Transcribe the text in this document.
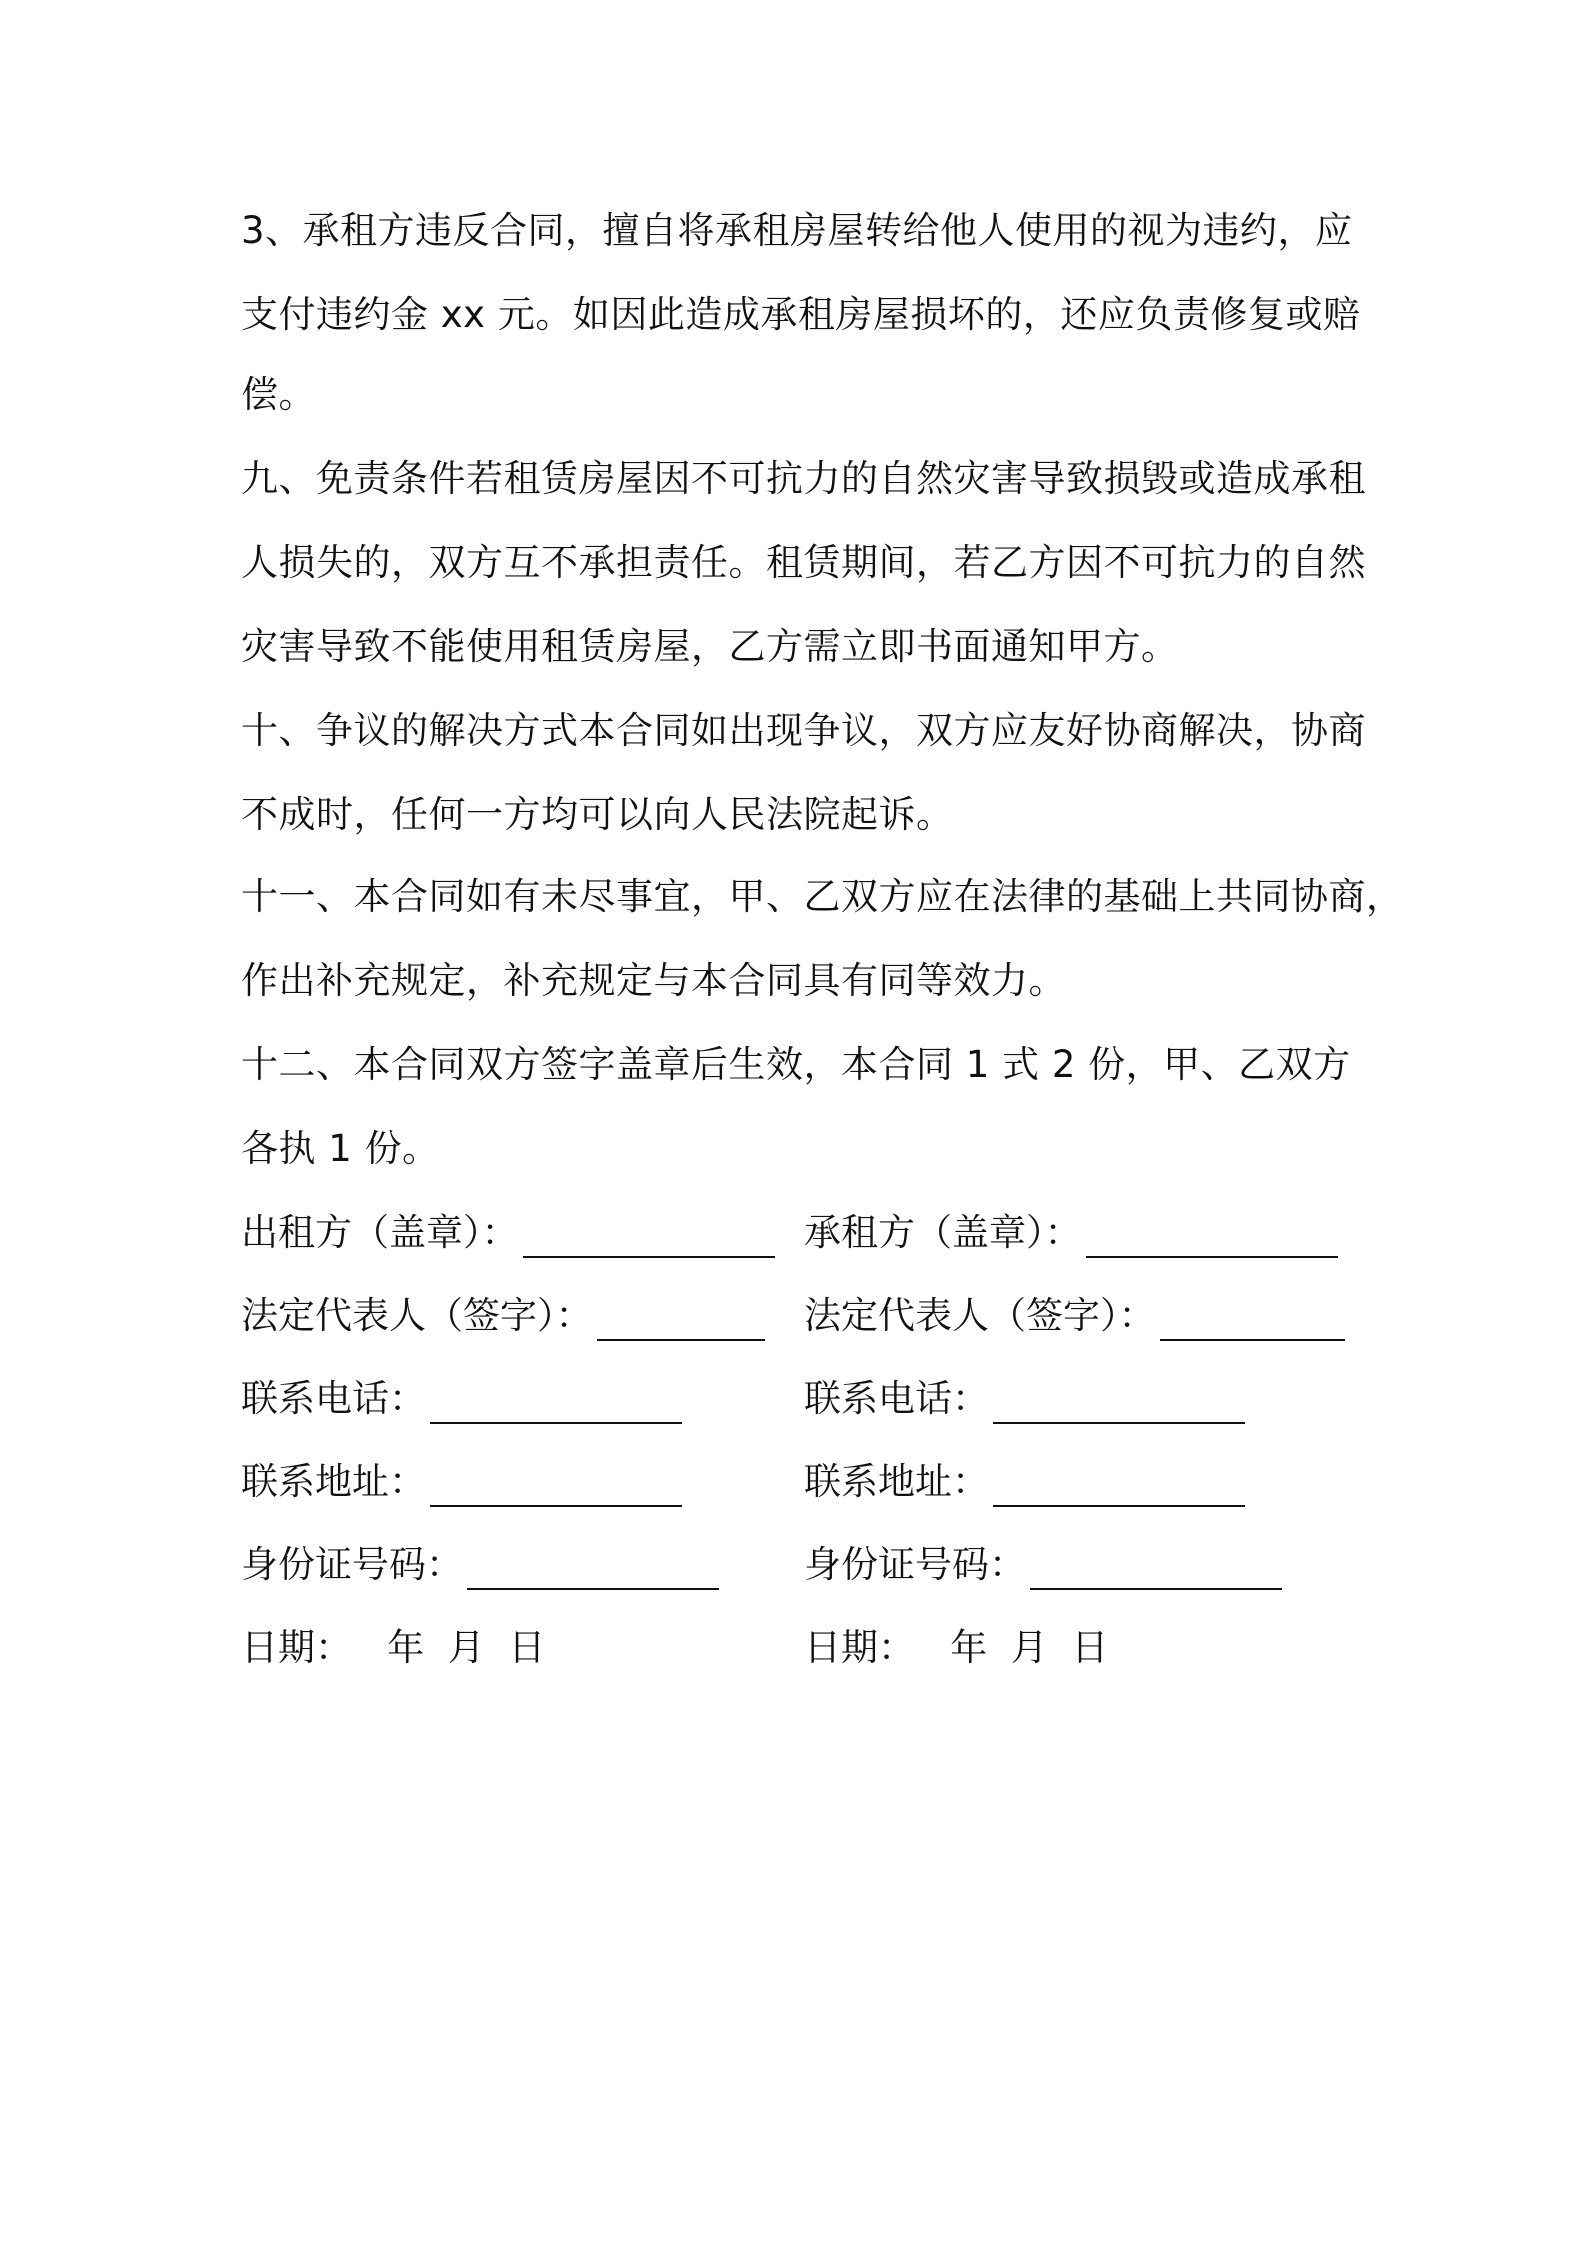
3、承租方违反合同，擅自将承租房屋转给他人使用的视为违约，应
支付违约金 xx 元。如因此造成承租房屋损坏的，还应负责修复或赔
偿。
九、免责条件若租赁房屋因不可抗力的自然灾害导致损毁或造成承租
人损失的，双方互不承担责任。租赁期间，若乙方因不可抗力的自然
灾害导致不能使用租赁房屋，乙方需立即书面通知甲方。
十、争议的解决方式本合同如出现争议，双方应友好协商解决，协商
不成时，任何一方均可以向人民法院起诉。
十一、本合同如有未尽事宜，甲、乙双方应在法律的基础上共同协商，
作出补充规定，补充规定与本合同具有同等效力。
十二、本合同双方签字盖章后生效，本合同 1 式 2 份，甲、乙双方
各执 1 份。
出租方（盖章）：	承租方（盖章）：
法定代表人（签字）：	法定代表人（签字）：
联系电话：	联系电话：
联系地址：	联系地址：
身份证号码：	身份证号码：
日期：   年  月  日	日期：   年  月  日
